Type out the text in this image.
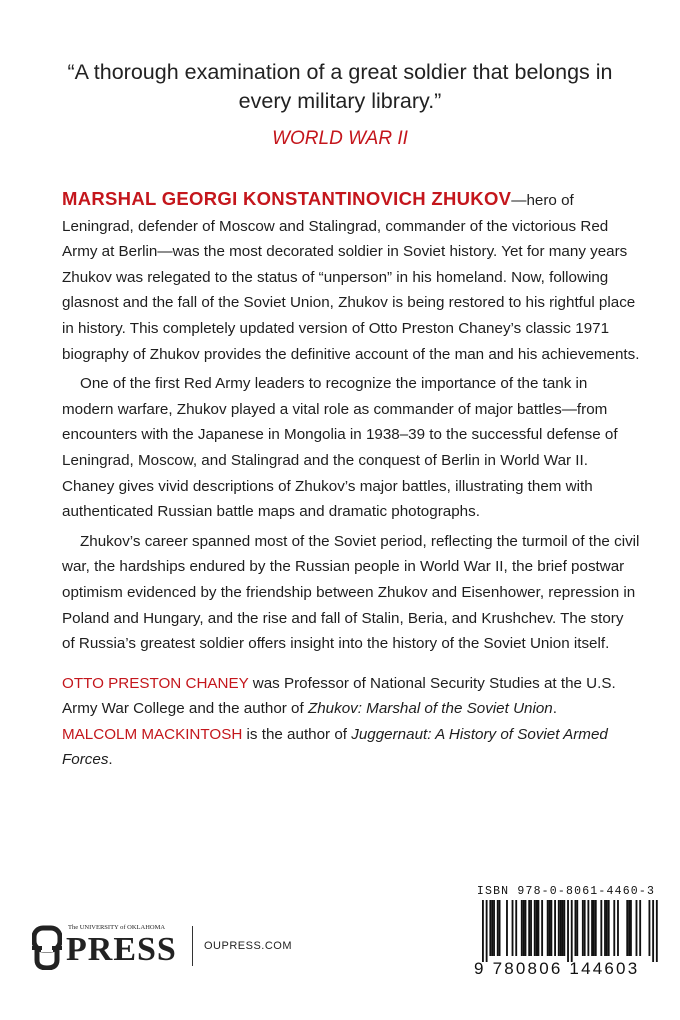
“A thorough examination of a great soldier that belongs in every military library.”
WORLD WAR II

MARSHAL GEORGI KONSTANTINOVICH ZHUKOV—hero of Leningrad, defender of Moscow and Stalingrad, commander of the victorious Red Army at Berlin—was the most decorated soldier in Soviet history. Yet for many years Zhukov was relegated to the status of “unperson” in his homeland. Now, following glasnost and the fall of the Soviet Union, Zhukov is being restored to his rightful place in history. This completely updated version of Otto Preston Chaney’s classic 1971 biography of Zhukov provides the definitive account of the man and his achievements.

One of the first Red Army leaders to recognize the importance of the tank in modern warfare, Zhukov played a vital role as commander of major battles—from encounters with the Japanese in Mongolia in 1938–39 to the successful defense of Leningrad, Moscow, and Stalingrad and the conquest of Berlin in World War II. Chaney gives vivid descriptions of Zhukov’s major battles, illustrating them with authenticated Russian battle maps and dramatic photographs.

Zhukov’s career spanned most of the Soviet period, reflecting the turmoil of the civil war, the hardships endured by the Russian people in World War II, the brief postwar optimism evidenced by the friendship between Zhukov and Eisenhower, repression in Poland and Hungary, and the rise and fall of Stalin, Beria, and Krushchev. The story of Russia’s greatest soldier offers insight into the history of the Soviet Union itself.

OTTO PRESTON CHANEY was Professor of National Security Studies at the U.S. Army War College and the author of Zhukov: Marshal of the Soviet Union.

MALCOLM MACKINTOSH is the author of Juggernaut: A History of Soviet Armed Forces.

The UNIVERSITY of OKLAHOMA
PRESS OUPRESS.COM
ISBN 978-0-8061-4460-3
9 780806 144603
